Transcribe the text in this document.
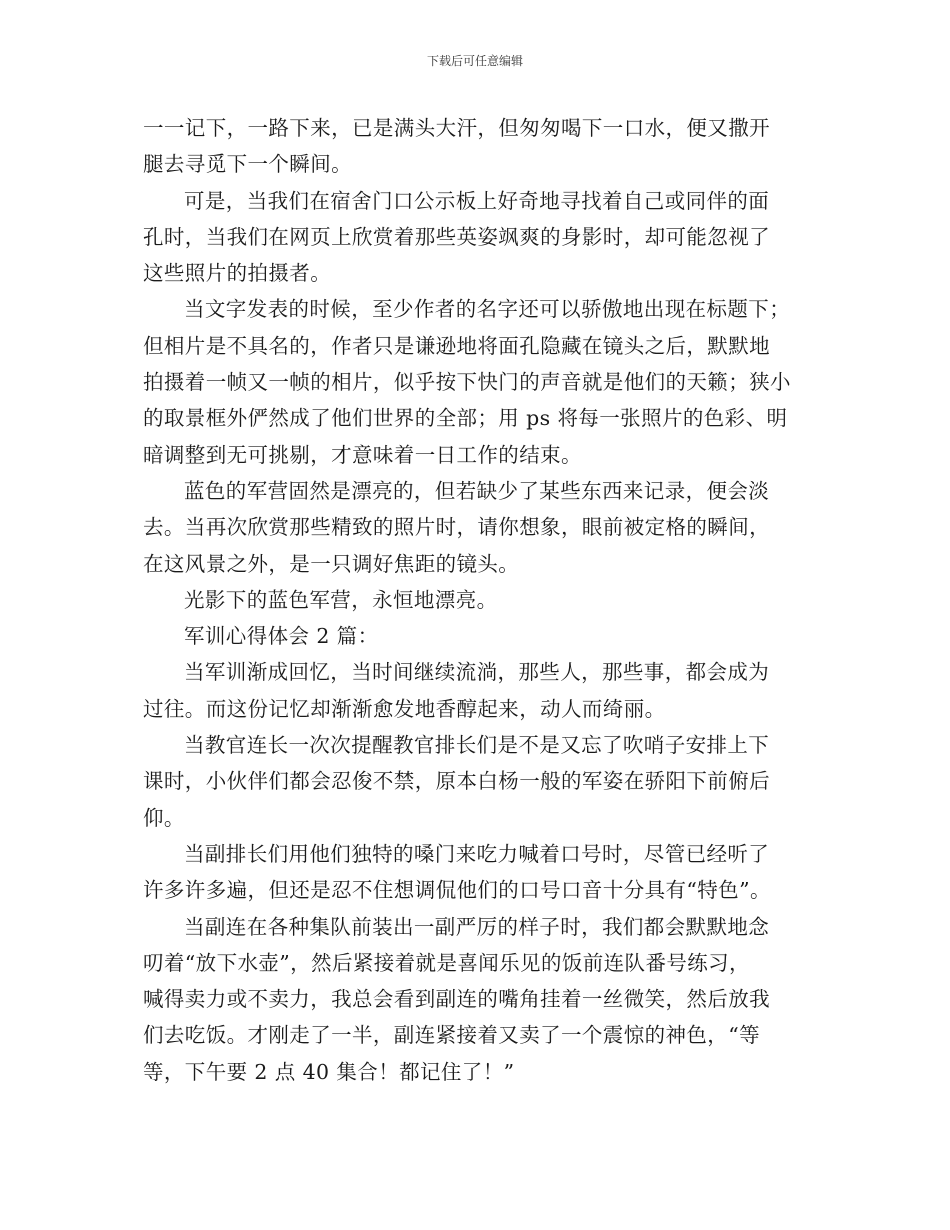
下载后可任意编辑

一一记下，一路下来，已是满头大汗，但匆匆喝下一口水，便又撒开
腿去寻觅下一个瞬间。

可是，当我们在宿舍门口公示板上好奇地寻找着自己或同伴的面
孔时，当我们在网页上欣赏着那些英姿飒爽的身影时，却可能忽视了
这些照片的拍摄者。

当文字发表的时候，至少作者的名字还可以骄傲地出现在标题下；
但相片是不具名的，作者只是谦逊地将面孔隐藏在镜头之后，默默地
拍摄着一帧又一帧的相片，似乎按下快门的声音就是他们的天籁；狭小
的取景框外俨然成了他们世界的全部；用 ps 将每一张照片的色彩、明
暗调整到无可挑剔，才意味着一日工作的结束。

蓝色的军营固然是漂亮的，但若缺少了某些东西来记录，便会淡
去。当再次欣赏那些精致的照片时，请你想象，眼前被定格的瞬间，
在这风景之外，是一只调好焦距的镜头。

光影下的蓝色军营，永恒地漂亮。

军训心得体会 2 篇：

当军训渐成回忆，当时间继续流淌，那些人，那些事，都会成为
过往。而这份记忆却渐渐愈发地香醇起来，动人而绮丽。

当教官连长一次次提醒教官排长们是不是又忘了吹哨子安排上下
课时，小伙伴们都会忍俊不禁，原本白杨一般的军姿在骄阳下前俯后
仰。

当副排长们用他们独特的嗓门来吃力喊着口号时，尽管已经听了
许多许多遍，但还是忍不住想调侃他们的口号口音十分具有“特色”。

当副连在各种集队前装出一副严厉的样子时，我们都会默默地念
叨着“放下水壶”，然后紧接着就是喜闻乐见的饭前连队番号练习，
喊得卖力或不卖力，我总会看到副连的嘴角挂着一丝微笑，然后放我
们去吃饭。才刚走了一半，副连紧接着又卖了一个震惊的神色，“等
等，下午要 2 点 40 集合！都记住了！”
